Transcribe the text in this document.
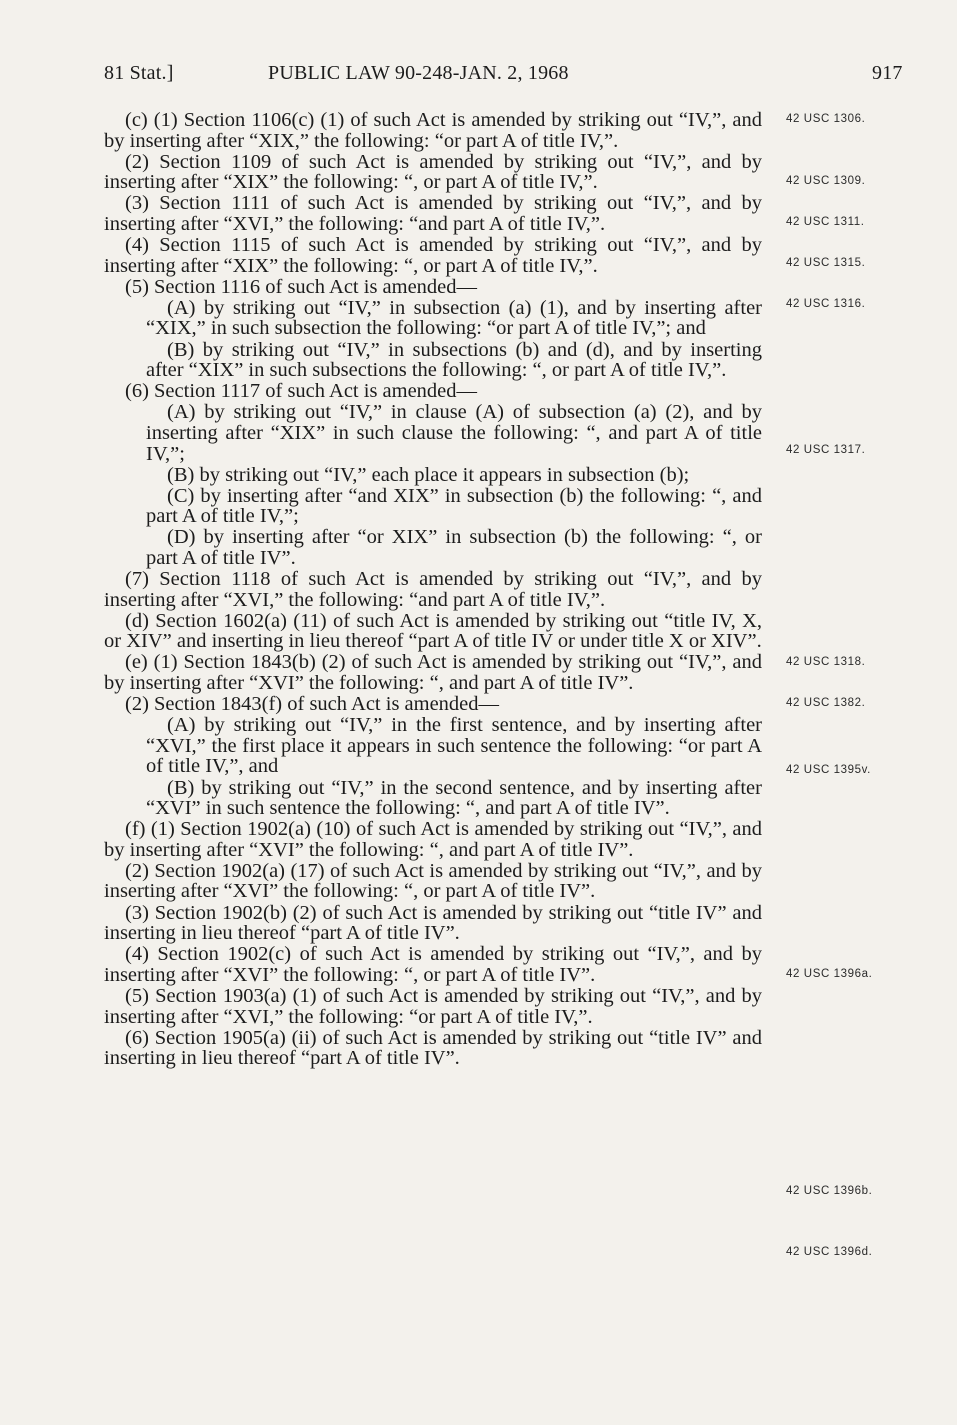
81 Stat.]	PUBLIC LAW 90-248-JAN. 2, 1968	917

(c) (1) Section 1106(c) (1) of such Act is amended by striking out “IV,”, and by inserting after “XIX,” the following: “or part A of title IV,”.

(2) Section 1109 of such Act is amended by striking out “IV,”, and by inserting after “XIX” the following: “, or part A of title IV,”.

(3) Section 1111 of such Act is amended by striking out “IV,”, and by inserting after “XVI,” the following: “and part A of title IV,”.

(4) Section 1115 of such Act is amended by striking out “IV,”, and by inserting after “XIX” the following: “, or part A of title IV,”.

(5) Section 1116 of such Act is amended—

(A) by striking out “IV,” in subsection (a) (1), and by inserting after “XIX,” in such subsection the following: “or part A of title IV,”; and

(B) by striking out “IV,” in subsections (b) and (d), and by inserting after “XIX” in such subsections the following: “, or part A of title IV,”.

(6) Section 1117 of such Act is amended—

(A) by striking out “IV,” in clause (A) of subsection (a) (2), and by inserting after “XIX” in such clause the following: “, and part A of title IV,”;

(B) by striking out “IV,” each place it appears in subsection (b);

(C) by inserting after “and XIX” in subsection (b) the following: “, and part A of title IV,”;

(D) by inserting after “or XIX” in subsection (b) the following: “, or part A of title IV”.

(7) Section 1118 of such Act is amended by striking out “IV,”, and by inserting after “XVI,” the following: “and part A of title IV,”.

(d) Section 1602(a) (11) of such Act is amended by striking out “title IV, X, or XIV” and inserting in lieu thereof “part A of title IV or under title X or XIV”.

(e) (1) Section 1843(b) (2) of such Act is amended by striking out “IV,”, and by inserting after “XVI” the following: “, and part A of title IV”.

(2) Section 1843(f) of such Act is amended—

(A) by striking out “IV,” in the first sentence, and by inserting after “XVI,” the first place it appears in such sentence the following: “or part A of title IV,”, and

(B) by striking out “IV,” in the second sentence, and by inserting after “XVI” in such sentence the following: “, and part A of title IV”.

(f) (1) Section 1902(a) (10) of such Act is amended by striking out “IV,”, and by inserting after “XVI” the following: “, and part A of title IV”.

(2) Section 1902(a) (17) of such Act is amended by striking out “IV,”, and by inserting after “XVI” the following: “, or part A of title IV”.

(3) Section 1902(b) (2) of such Act is amended by striking out “title IV” and inserting in lieu thereof “part A of title IV”.

(4) Section 1902(c) of such Act is amended by striking out “IV,”, and by inserting after “XVI” the following: “, or part A of title IV”.

(5) Section 1903(a) (1) of such Act is amended by striking out “IV,”, and by inserting after “XVI,” the following: “or part A of title IV,”.

(6) Section 1905(a) (ii) of such Act is amended by striking out “title IV” and inserting in lieu thereof “part A of title IV”.

42 USC 1306.
42 USC 1309.
42 USC 1311.
42 USC 1315.
42 USC 1316.
42 USC 1317.
42 USC 1318.
42 USC 1382.
42 USC 1395v.
42 USC 1396a.
42 USC 1396b.
42 USC 1396d.
